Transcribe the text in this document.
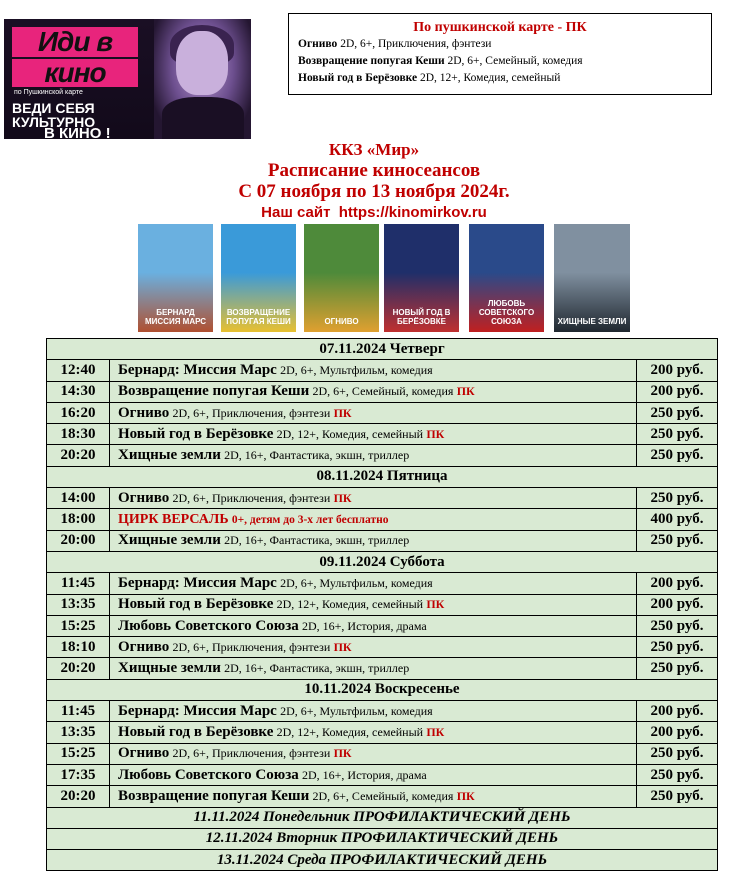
Иди в
кино
по Пушкинской карте
ВЕДИ СЕБЯ
КУЛЬТУРНО
В КИНО !
По пушкинской карте - ПК
Огниво 2D, 6+, Приключения, фэнтези
Возвращение попугая Кеши 2D, 6+, Семейный, комедия
Новый год в Берёзовке 2D, 12+, Комедия, семейный
ККЗ «Мир»
Расписание киносеансов
С 07 ноября по 13 ноября 2024г.
Наш сайт https://kinomirkov.ru
БЕРНАРД МИССИЯ МАРС
ВОЗВРАЩЕНИЕ ПОПУГАЯ КЕШИ	ОГНИВО
НОВЫЙ ГОД В БЕРЁЗОВКЕ
ЛЮБОВЬ СОВЕТСКОГО СОЮЗА	ХИЩНЫЕ ЗЕМЛИ
07.11.2024 Четверг		
12:40	Бернард: Миссия Марс 2D, 6+, Мультфильм, комедия	200 руб.
14:30	Возвращение попугая Кеши 2D, 6+, Семейный, комедия ПК	200 руб.
16:20	Огниво 2D, 6+, Приключения, фэнтези ПК	250 руб.
18:30	Новый год в Берёзовке 2D, 12+, Комедия, семейный ПК	250 руб.
20:20	Хищные земли 2D, 16+, Фантастика, экшн, триллер	250 руб.
08.11.2024 Пятница		
14:00	Огниво 2D, 6+, Приключения, фэнтези ПК	250 руб.
18:00	ЦИРК ВЕРСАЛЬ 0+, детям до 3-х лет бесплатно	400 руб.
20:00	Хищные земли 2D, 16+, Фантастика, экшн, триллер	250 руб.
09.11.2024 Суббота		
11:45	Бернард: Миссия Марс 2D, 6+, Мультфильм, комедия	200 руб.
13:35	Новый год в Берёзовке 2D, 12+, Комедия, семейный ПК	200 руб.
15:25	Любовь Советского Союза 2D, 16+, История, драма	250 руб.
18:10	Огниво 2D, 6+, Приключения, фэнтези ПК	250 руб.
20:20	Хищные земли 2D, 16+, Фантастика, экшн, триллер	250 руб.
10.11.2024 Воскресенье		
11:45	Бернард: Миссия Марс 2D, 6+, Мультфильм, комедия	200 руб.
13:35	Новый год в Берёзовке 2D, 12+, Комедия, семейный ПК	200 руб.
15:25	Огниво 2D, 6+, Приключения, фэнтези ПК	250 руб.
17:35	Любовь Советского Союза 2D, 16+, История, драма	250 руб.
20:20	Возвращение попугая Кеши 2D, 6+, Семейный, комедия ПК	250 руб.
11.11.2024 Понедельник ПРОФИЛАКТИЧЕСКИЙ ДЕНЬ		
12.11.2024 Вторник ПРОФИЛАКТИЧЕСКИЙ ДЕНЬ		
13.11.2024 Среда ПРОФИЛАКТИЧЕСКИЙ ДЕНЬ		
